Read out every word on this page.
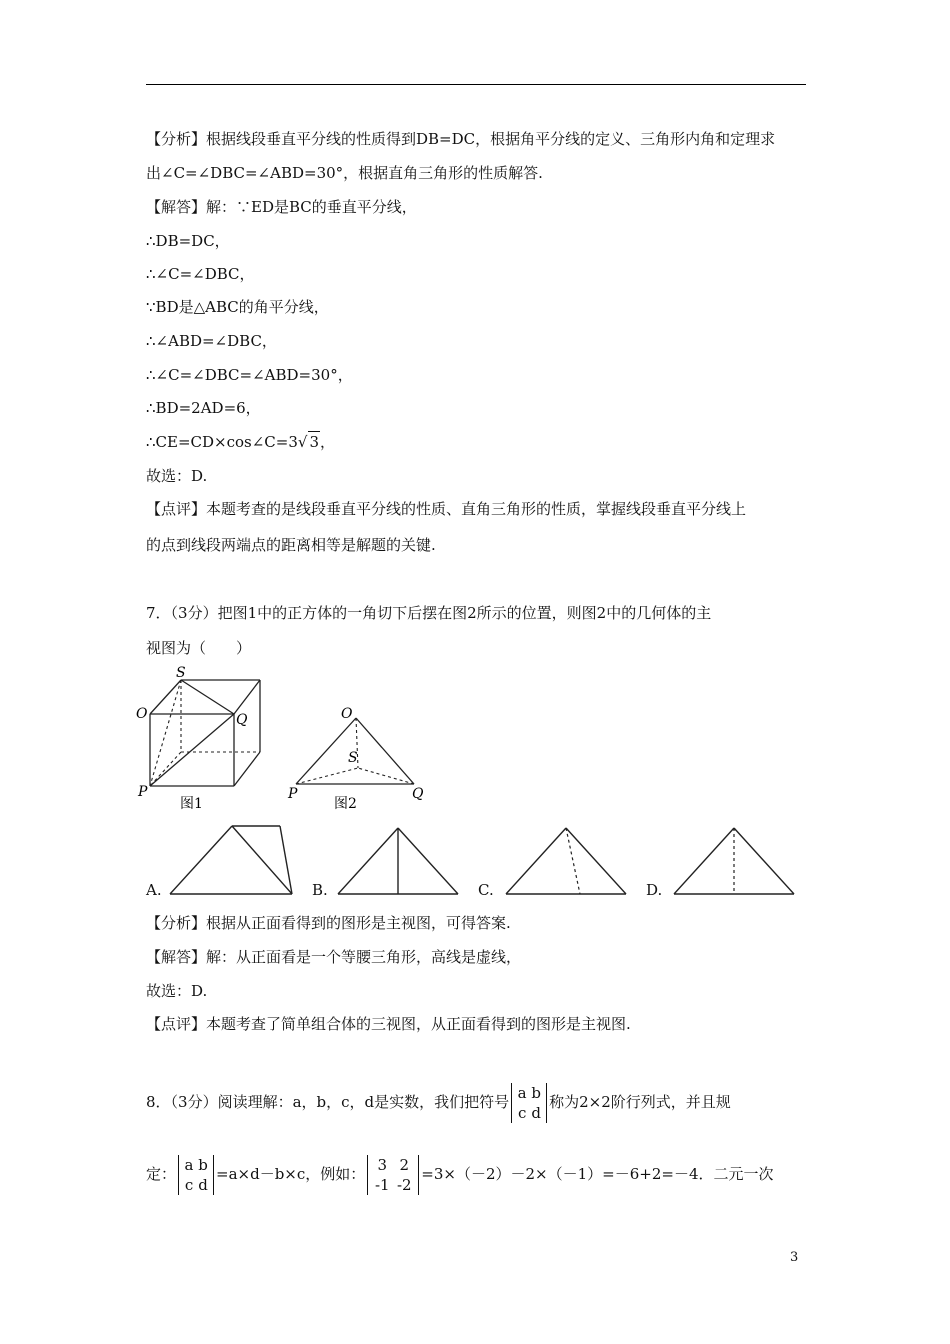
【分析】根据线段垂直平分线的性质得到DB=DC，根据角平分线的定义、三角形内角和定理求
出∠C=∠DBC=∠ABD=30°，根据直角三角形的性质解答.
【解答】解：∵ED是BC的垂直平分线，
∴DB=DC，
∴∠C=∠DBC，
∵BD是△ABC的角平分线，
∴∠ABD=∠DBC，
∴∠C=∠DBC=∠ABD=30°，
∴BD=2AD=6，
∴CE=CD×cos∠C=3√ 3，
故选：D.
【点评】本题考查的是线段垂直平分线的性质、直角三角形的性质，掌握线段垂直平分线上
的点到线段两端点的距离相等是解题的关键.
7．（3分）把图1中的正方体的一角切下后摆在图2所示的位置，则图2中的几何体的主
视图为（　　）
S
O	Q
P
图1
O
S
P	Q
图2
A.	B.	C.	D.
【分析】根据从正面看得到的图形是主视图，可得答案.
【解答】解：从正面看是一个等腰三角形，高线是虚线，
故选：D.
【点评】本题考查了简单组合体的三视图，从正面看得到的图形是主视图.
8．（3分）阅读理解：a，b，c，d是实数，我们把符号 a b
c d称为2×2阶行列式，并且规
定： a b
c d=a×d－b×c，例如： 3 2
-1 -2=3×（－2）－2×（－1）=－6+2=－4．二元一次
3
